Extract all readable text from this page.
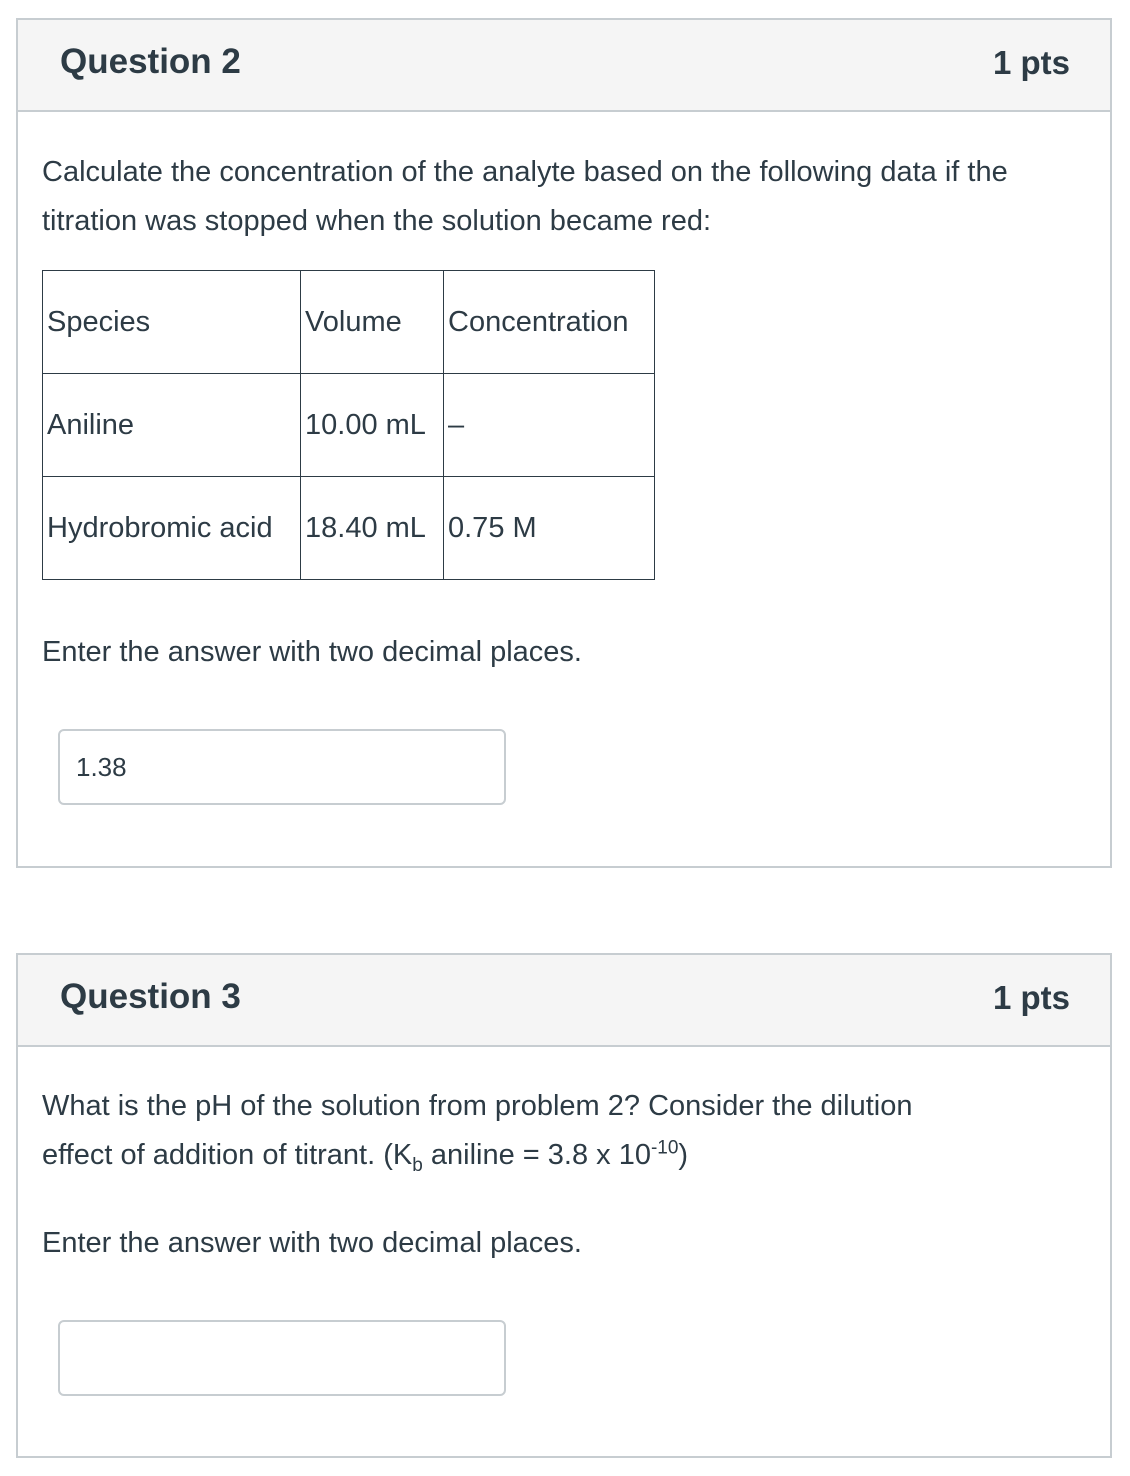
Question 2	1 pts
Calculate the concentration of the analyte based on the following data if the titration was stopped when the solution became red:
Species	Volume	Concentration
Aniline	10.00 mL	–
Hydrobromic acid	18.40 mL	0.75 M
Enter the answer with two decimal places.
1.38
Question 3	1 pts
What is the pH of the solution from problem 2? Consider the dilution
effect of addition of titrant. ($K_b$ aniline = 3.8 x $10^{-10}$)
Enter the answer with two decimal places.
